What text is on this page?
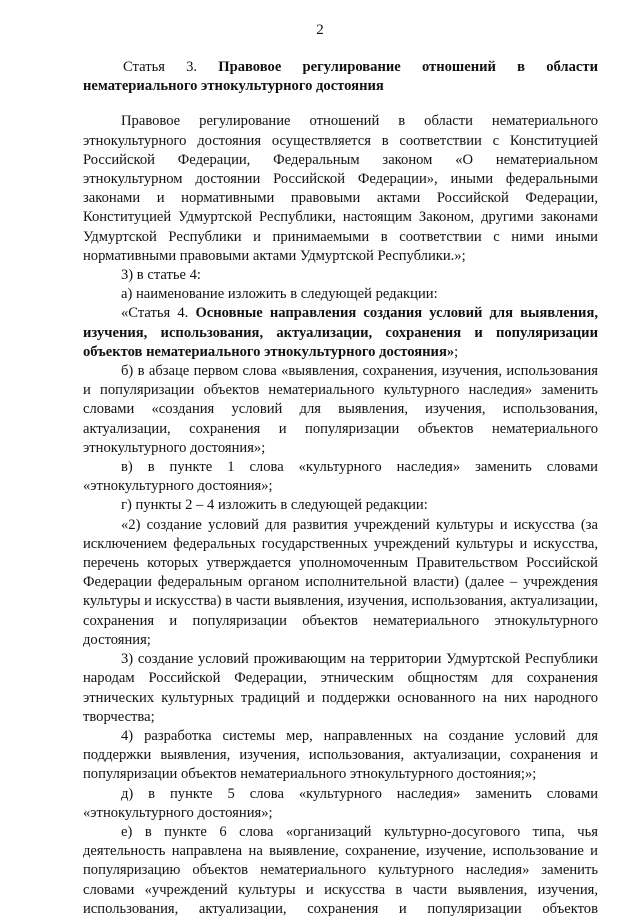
2

Статья 3. Правовое регулирование отношений в области нематериального этнокультурного достояния

Правовое регулирование отношений в области нематериального этнокультурного достояния осуществляется в соответствии с Конституцией Российской Федерации, Федеральным законом «О нематериальном этнокультурном достоянии Российской Федерации», иными федеральными законами и нормативными правовыми актами Российской Федерации, Конституцией Удмуртской Республики, настоящим Законом, другими законами Удмуртской Республики и принимаемыми в соответствии с ними иными нормативными правовыми актами Удмуртской Республики.»;

3) в статье 4:

а) наименование изложить в следующей редакции:

«Статья 4. Основные направления создания условий для выявления, изучения, использования, актуализации, сохранения и популяризации объектов нематериального этнокультурного достояния»;

б) в абзаце первом слова «выявления, сохранения, изучения, использования и популяризации объектов нематериального культурного наследия» заменить словами «создания условий для выявления, изучения, использования, актуализации, сохранения и популяризации объектов нематериального этнокультурного достояния»;

в) в пункте 1 слова «культурного наследия» заменить словами «этнокультурного достояния»;

г) пункты 2 – 4 изложить в следующей редакции:

«2) создание условий для развития учреждений культуры и искусства (за исключением федеральных государственных учреждений культуры и искусства, перечень которых утверждается уполномоченным Правительством Российской Федерации федеральным органом исполнительной власти) (далее – учреждения культуры и искусства) в части выявления, изучения, использования, актуализации, сохранения и популяризации объектов нематериального этнокультурного достояния;

3) создание условий проживающим на территории Удмуртской Республики народам Российской Федерации, этническим общностям для сохранения этнических культурных традиций и поддержки основанного на них народного творчества;

4) разработка системы мер, направленных на создание условий для поддержки выявления, изучения, использования, актуализации, сохранения и популяризации объектов нематериального этнокультурного достояния;»;

д) в пункте 5 слова «культурного наследия» заменить словами «этнокультурного достояния»;

е) в пункте 6 слова «организаций культурно-досугового типа, чья деятельность направлена на выявление, сохранение, изучение, использование и популяризацию объектов нематериального культурного наследия» заменить словами «учреждений культуры и искусства в части выявления, изучения, использования, актуализации, сохранения и популяризации объектов
